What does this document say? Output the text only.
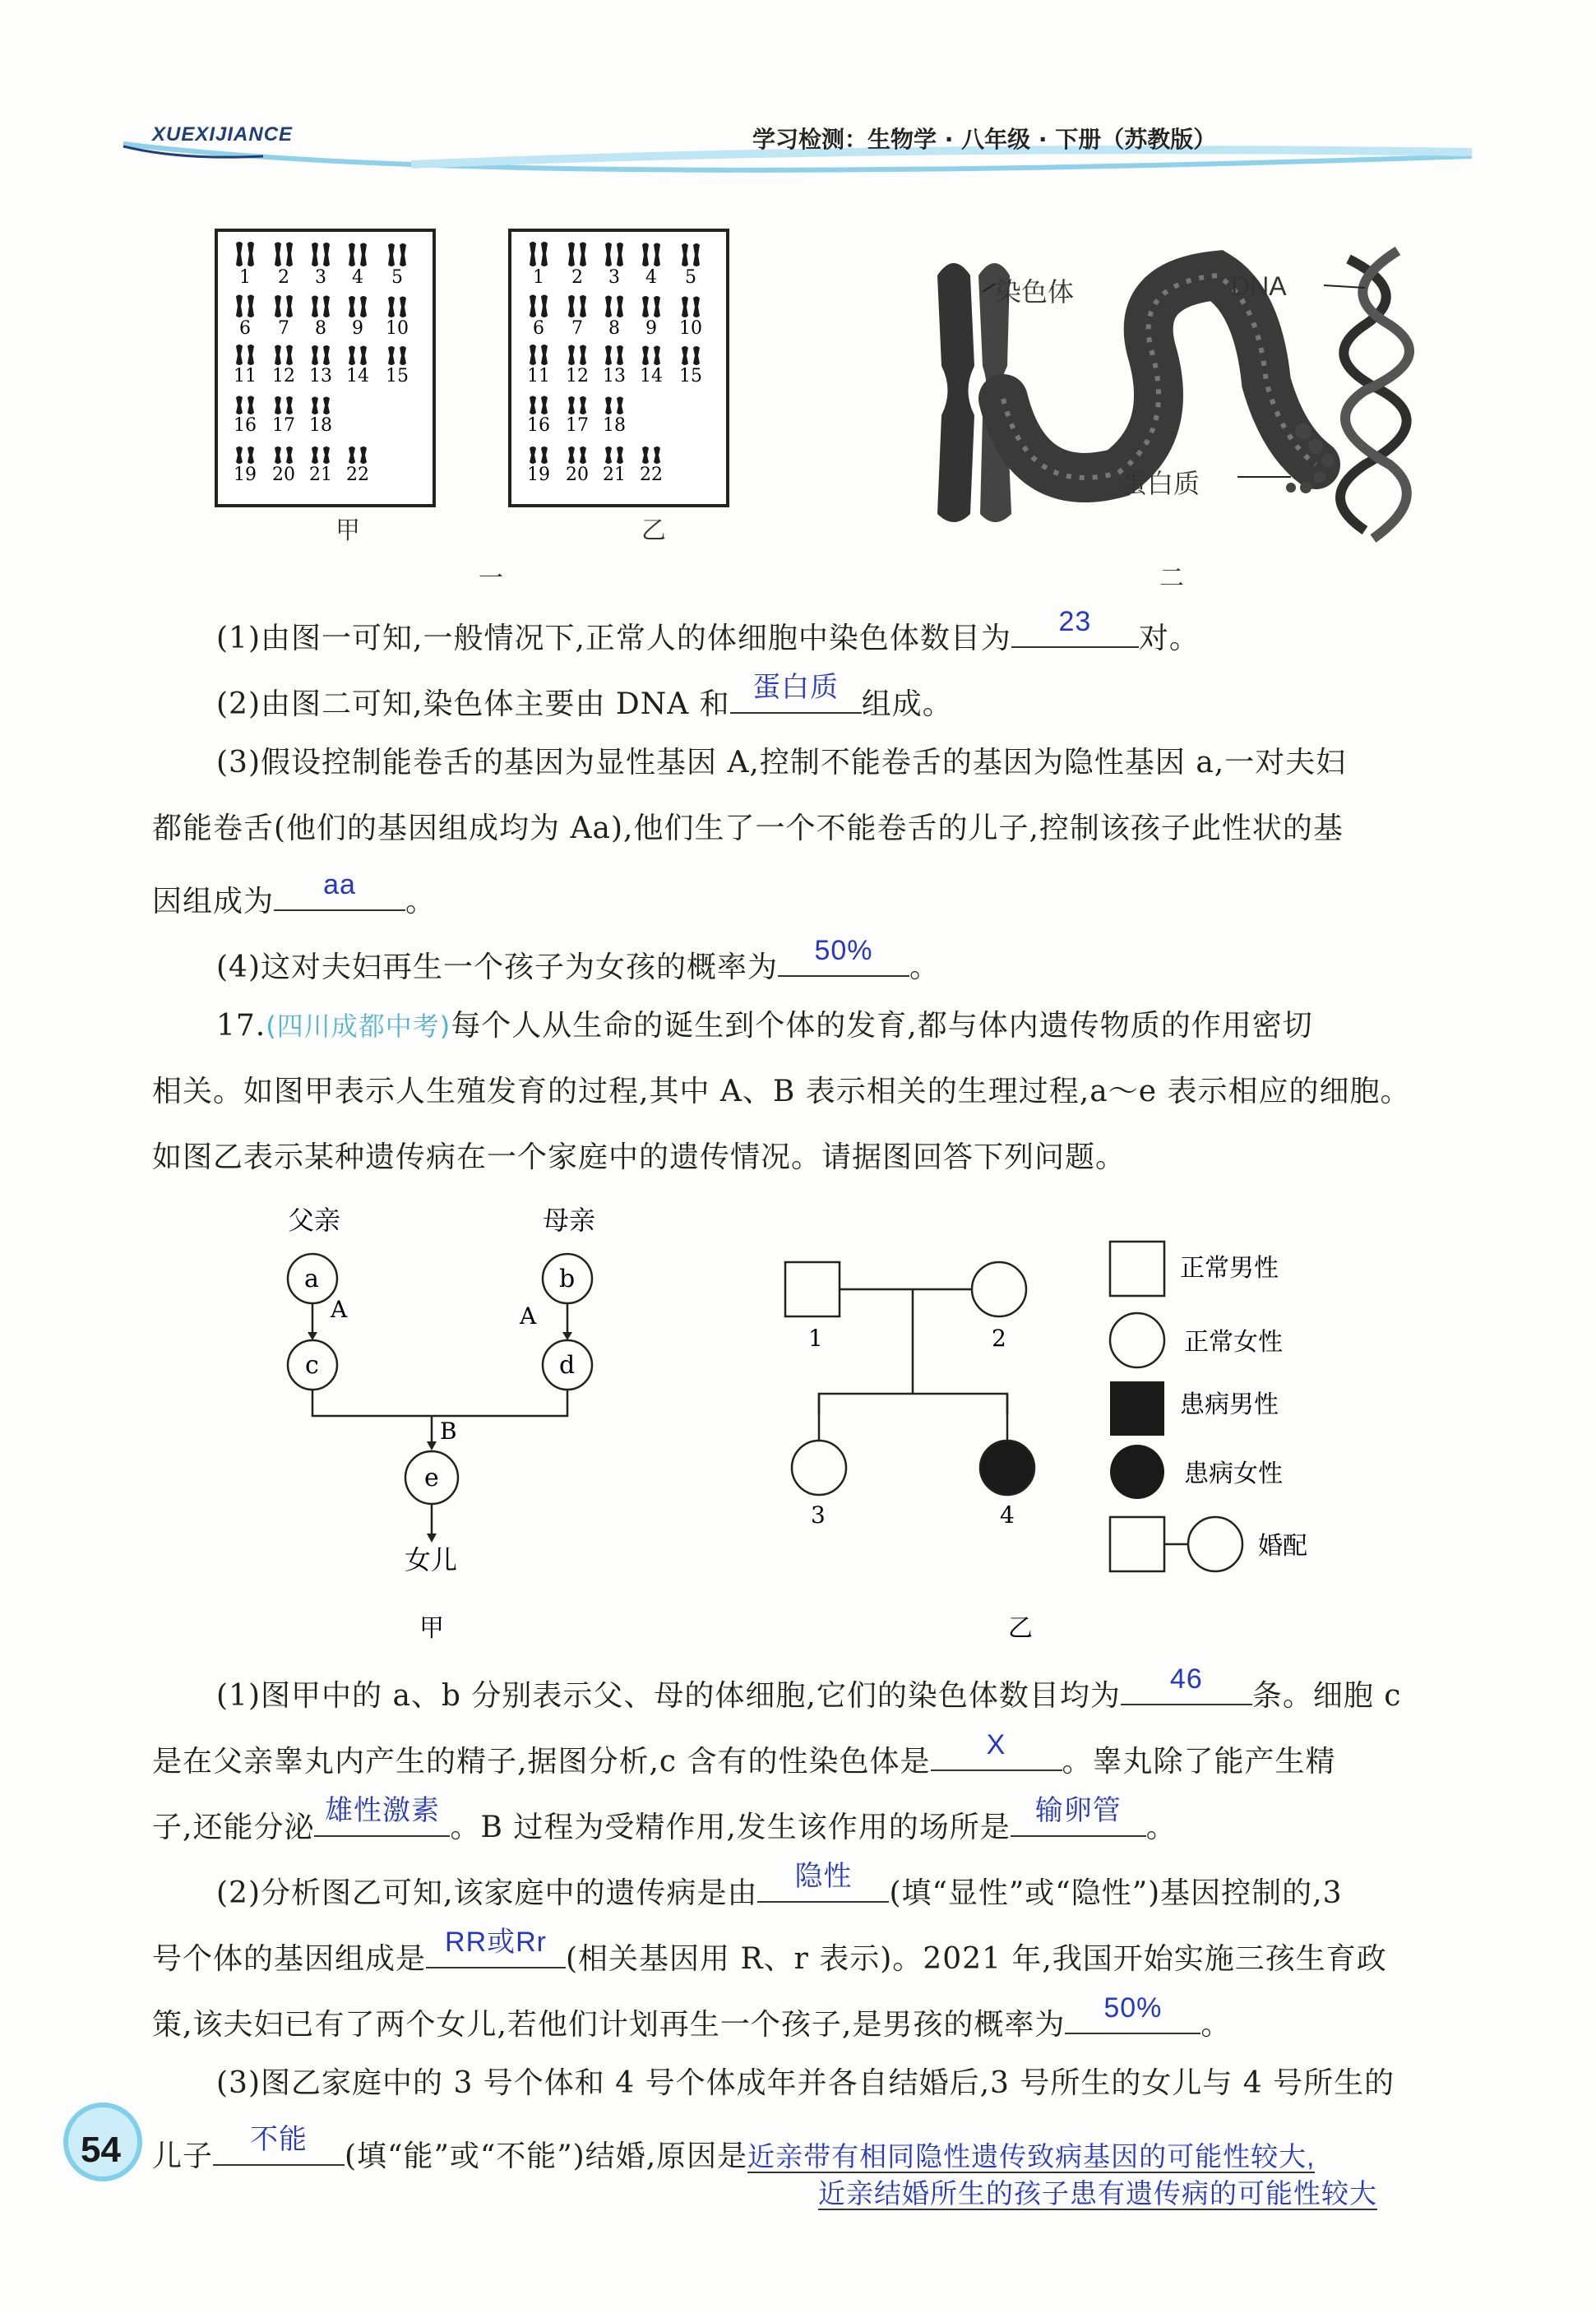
XUEXIJIANCE	学习检测：生物学 · 八年级 · 下册（苏教版）
1 2 3 4 5
6 7 8 9 10
11 12 13 14 15
16 17 18
19 20 21 22
1 2 3 4 5
6 7 8 9 10
11 12 13 14 15
16 17 18
19 20 21 22
甲	乙
一
染色体	DNA
蛋白质
二
(1)由图一可知,一般情况下,正常人的体细胞中染色体数目为	23	对。
(2)由图二可知,染色体主要由 DNA 和 蛋白质 组成。
(3)假设控制能卷舌的基因为显性基因 A,控制不能卷舌的基因为隐性基因 a,一对夫妇
都能卷舌(他们的基因组成均为 Aa),他们生了一个不能卷舌的儿子,控制该孩子此性状的基
因组成为	aa	。
(4)这对夫妇再生一个孩子为女孩的概率为	50%	。
17.(四川成都中考)每个人从生命的诞生到个体的发育,都与体内遗传物质的作用密切
相关。如图甲表示人生殖发育的过程,其中 A、B 表示相关的生理过程,a～e 表示相应的细胞。
如图乙表示某种遗传病在一个家庭中的遗传情况。请据图回答下列问题。
父亲	母亲
a	b
c	d
e
A	A
B
女儿
甲
1	2
3	4
乙
正常男性
正常女性
患病男性
患病女性
婚配
(1)图甲中的 a、b 分别表示父、母的体细胞,它们的染色体数目均为	46	条。细胞 c
是在父亲睾丸内产生的精子,据图分析,c 含有的性染色体是	X	。睾丸除了能产生精
子,还能分泌 雄性激素 。B 过程为受精作用,发生该作用的场所是 输卵管 。
(2)分析图乙可知,该家庭中的遗传病是由	隐性	(填“显性”或“隐性”)基因控制的,3
号个体的基因组成是 RR或Rr (相关基因用 R、r 表示)。2021 年,我国开始实施三孩生育政
策,该夫妇已有了两个女儿,若他们计划再生一个孩子,是男孩的概率为	50%	。
(3)图乙家庭中的 3 号个体和 4 号个体成年并各自结婚后,3 号所生的女儿与 4 号所生的
儿子	不能	(填“能”或“不能”)结婚,原因是近亲带有相同隐性遗传致病基因的可能性较大,
近亲结婚所生的孩子患有遗传病的可能性较大
54
